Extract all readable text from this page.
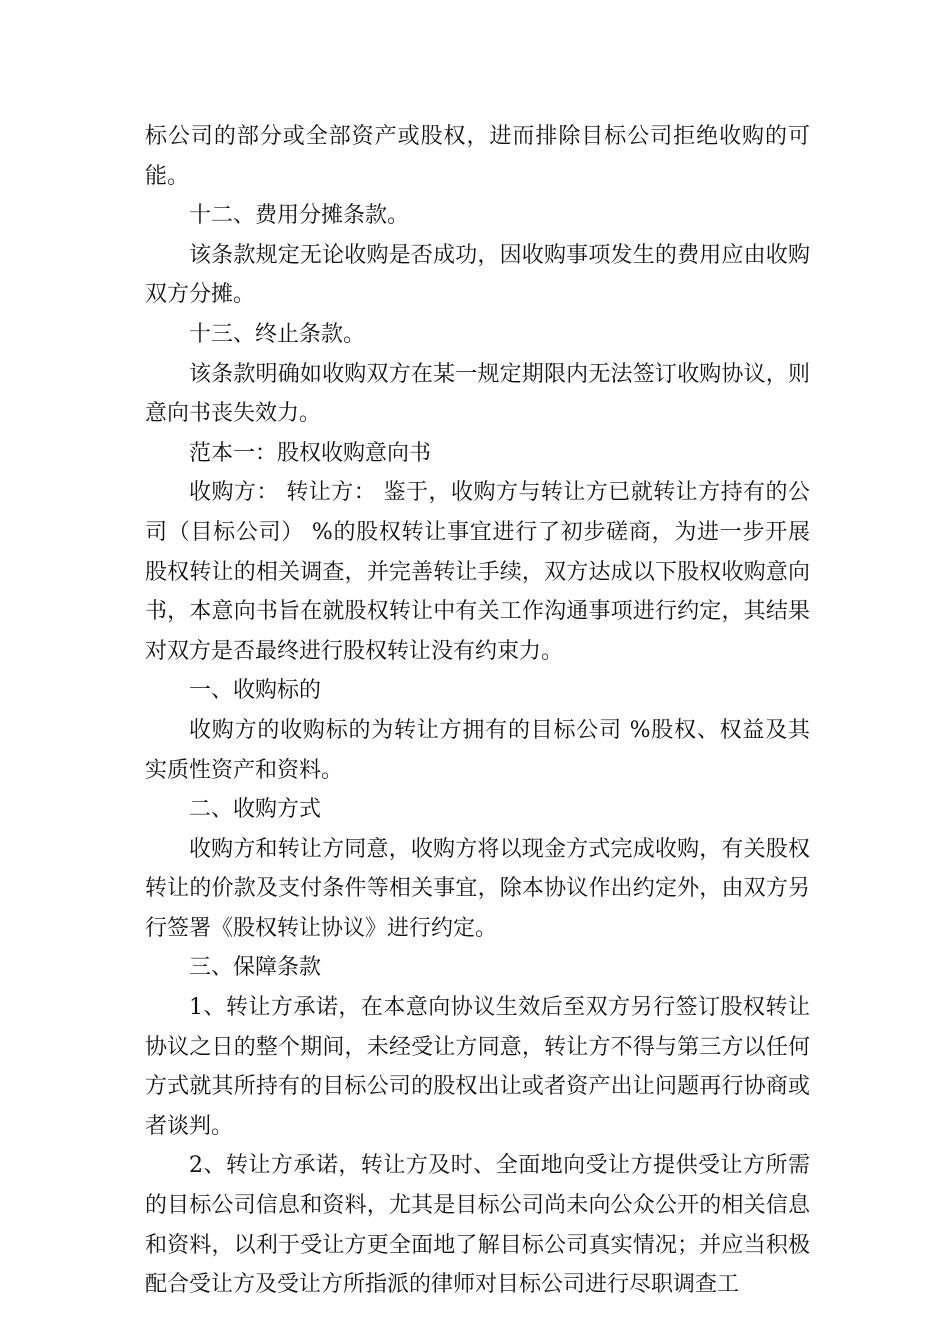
标公司的部分或全部资产或股权，进而排除目标公司拒绝收购的可能。

十二、费用分摊条款。

该条款规定无论收购是否成功，因收购事项发生的费用应由收购双方分摊。

十三、终止条款。

该条款明确如收购双方在某一规定期限内无法签订收购协议，则意向书丧失效力。

范本一：股权收购意向书

收购方： 转让方： 鉴于，收购方与转让方已就转让方持有的公司（目标公司） %的股权转让事宜进行了初步磋商，为进一步开展股权转让的相关调查，并完善转让手续，双方达成以下股权收购意向书，本意向书旨在就股权转让中有关工作沟通事项进行约定，其结果对双方是否最终进行股权转让没有约束力。

一、收购标的

收购方的收购标的为转让方拥有的目标公司 %股权、权益及其实质性资产和资料。

二、收购方式

收购方和转让方同意，收购方将以现金方式完成收购，有关股权转让的价款及支付条件等相关事宜，除本协议作出约定外，由双方另行签署《股权转让协议》进行约定。

三、保障条款

1、转让方承诺，在本意向协议生效后至双方另行签订股权转让协议之日的整个期间，未经受让方同意，转让方不得与第三方以任何方式就其所持有的目标公司的股权出让或者资产出让问题再行协商或者谈判。

2、转让方承诺，转让方及时、全面地向受让方提供受让方所需的目标公司信息和资料，尤其是目标公司尚未向公众公开的相关信息和资料，以利于受让方更全面地了解目标公司真实情况；并应当积极配合受让方及受让方所指派的律师对目标公司进行尽职调查工
